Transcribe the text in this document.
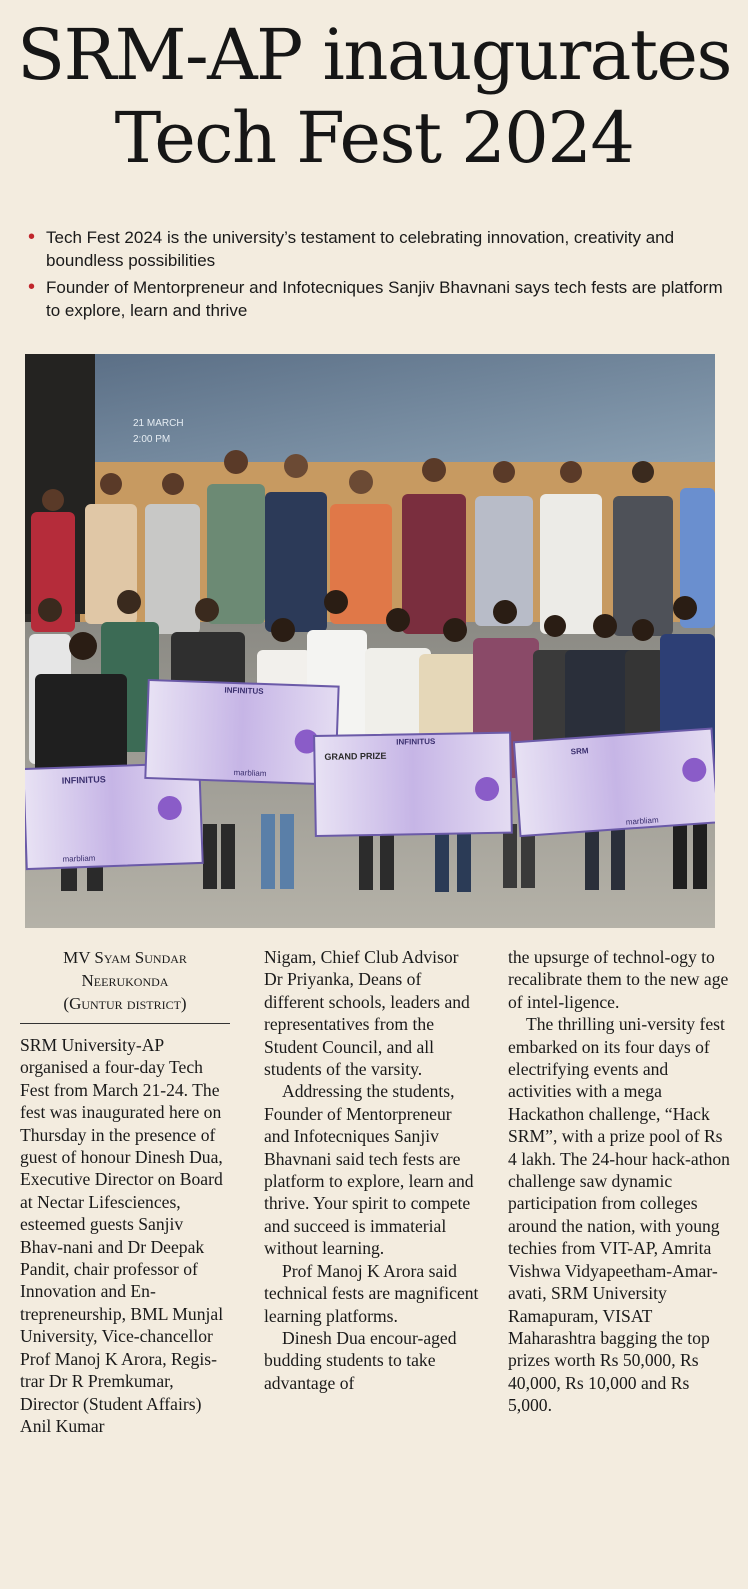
SRM-AP inaugurates
Tech Fest 2024
• Tech Fest 2024 is the university’s testament to celebrating innovation, creativity and boundless possibilities
• Founder of Mentorpreneur and Infotecniques Sanjiv Bhavnani says tech fests are platform to explore, learn and thrive
21 MARCH
2:00 PM
INFINITUS
marbliam
INFINITUS
marbliam
GRAND PRIZE
INFINITUS
SRM
marbliam
MV Syam Sundar
Neerukonda
(Guntur district)

SRM University-AP organised a four-day Tech Fest from March 21-24. The fest was inaugurated here on Thursday in the presence of guest of honour Dinesh Dua, Executive Director on Board at Nectar Lifesciences, esteemed guests Sanjiv Bhav-nani and Dr Deepak Pandit, chair professor of Innovation and En-trepreneurship, BML Munjal University, Vice-chancellor Prof Manoj K Arora, Regis-trar Dr R Premkumar, Director (Student Affairs) Anil Kumar

Nigam, Chief Club Advisor Dr Priyanka, Deans of different schools, leaders and representatives from the Student Council, and all students of the varsity.

Addressing the students, Founder of Mentorpreneur and Infotecniques Sanjiv Bhavnani said tech fests are platform to explore, learn and thrive. Your spirit to compete and succeed is immaterial without learning.

Prof Manoj K Arora said technical fests are magnificent learning platforms.

Dinesh Dua encour-aged budding students to take advantage of

the upsurge of technol-ogy to recalibrate them to the new age of intel-ligence.

The thrilling uni-versity fest embarked on its four days of electrifying events and activities with a mega Hackathon challenge, “Hack SRM”, with a prize pool of Rs 4 lakh. The 24-hour hack-athon challenge saw dynamic participation from colleges around the nation, with young techies from VIT-AP, Amrita Vishwa Vidyapeetham-Amar-avati, SRM University Ramapuram, VISAT Maharashtra bagging the top prizes worth Rs 50,000, Rs 40,000, Rs 10,000 and Rs 5,000.
